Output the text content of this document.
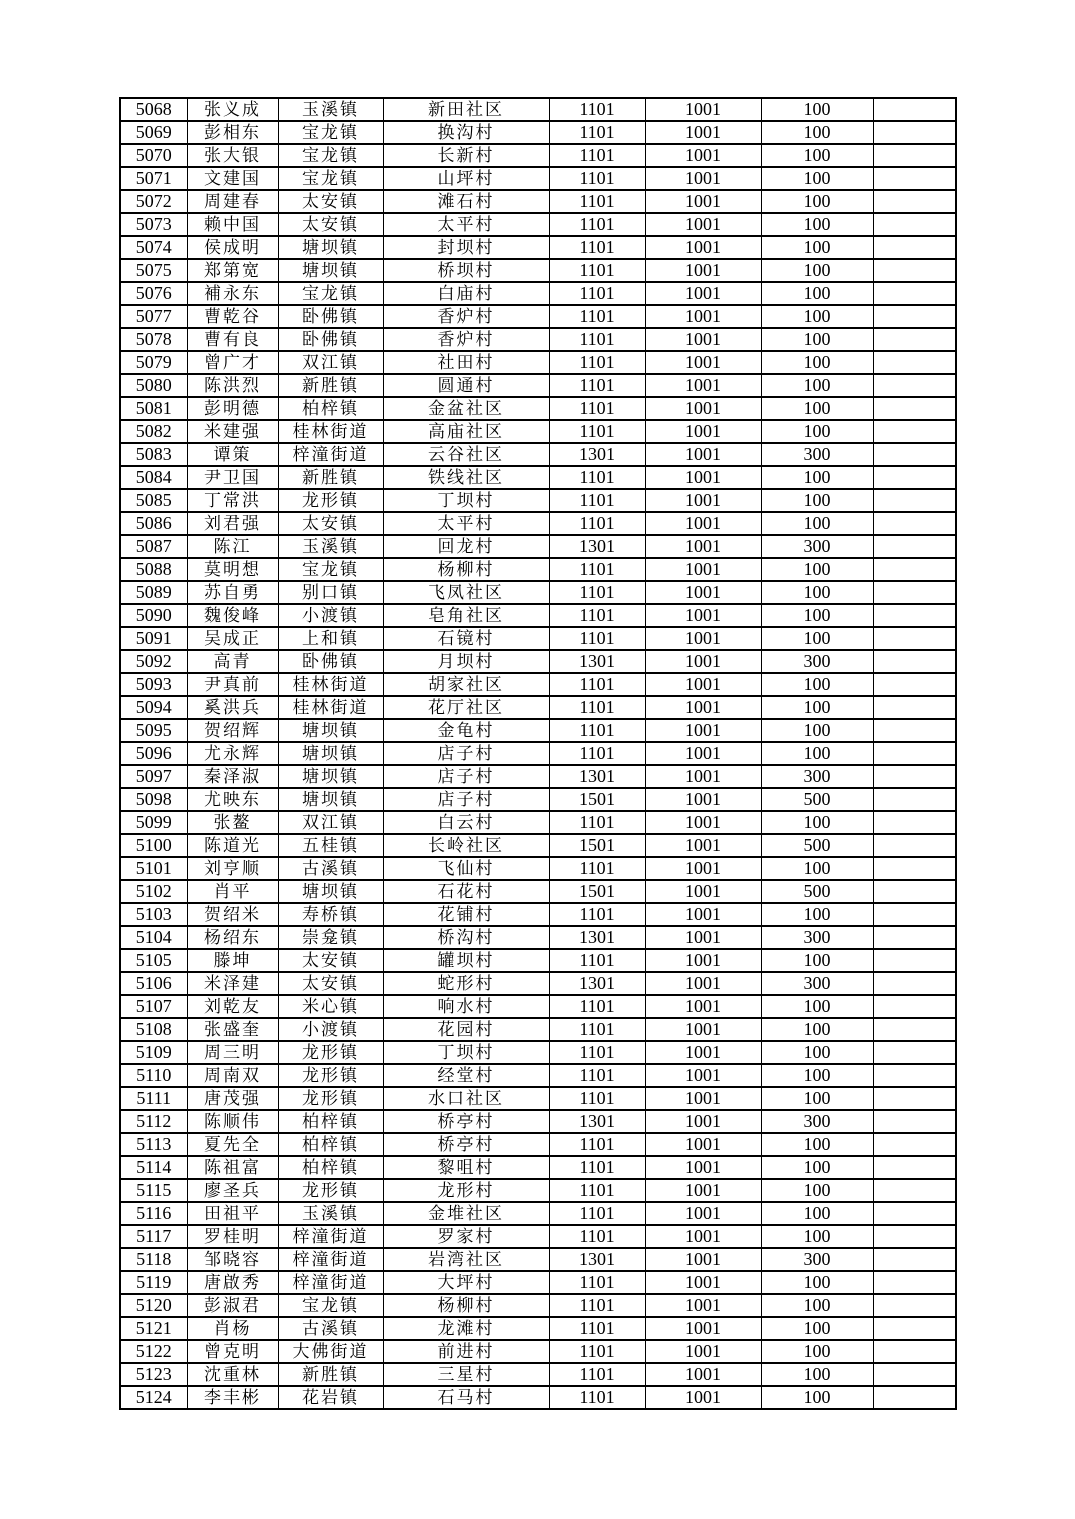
5068	张义成	玉溪镇	新田社区	1101	1001	100	
5069	彭相东	宝龙镇	换沟村	1101	1001	100	
5070	张大银	宝龙镇	长新村	1101	1001	100	
5071	文建国	宝龙镇	山坪村	1101	1001	100	
5072	周建春	太安镇	滩石村	1101	1001	100	
5073	赖中国	太安镇	太平村	1101	1001	100	
5074	侯成明	塘坝镇	封坝村	1101	1001	100	
5075	郑第宽	塘坝镇	桥坝村	1101	1001	100	
5076	補永东	宝龙镇	白庙村	1101	1001	100	
5077	曹乾谷	卧佛镇	香炉村	1101	1001	100	
5078	曹有良	卧佛镇	香炉村	1101	1001	100	
5079	曾广才	双江镇	社田村	1101	1001	100	
5080	陈洪烈	新胜镇	圆通村	1101	1001	100	
5081	彭明德	柏梓镇	金盆社区	1101	1001	100	
5082	米建强	桂林街道	高庙社区	1101	1001	100	
5083	谭策	梓潼街道	云谷社区	1301	1001	300	
5084	尹卫国	新胜镇	铁线社区	1101	1001	100	
5085	丁常洪	龙形镇	丁坝村	1101	1001	100	
5086	刘君强	太安镇	太平村	1101	1001	100	
5087	陈江	玉溪镇	回龙村	1301	1001	300	
5088	莫明想	宝龙镇	杨柳村	1101	1001	100	
5089	苏自勇	别口镇	飞凤社区	1101	1001	100	
5090	魏俊峰	小渡镇	皂角社区	1101	1001	100	
5091	吴成正	上和镇	石镜村	1101	1001	100	
5092	高青	卧佛镇	月坝村	1301	1001	300	
5093	尹真前	桂林街道	胡家社区	1101	1001	100	
5094	奚洪兵	桂林街道	花厅社区	1101	1001	100	
5095	贺绍辉	塘坝镇	金龟村	1101	1001	100	
5096	尤永辉	塘坝镇	店子村	1101	1001	100	
5097	秦泽淑	塘坝镇	店子村	1301	1001	300	
5098	尤映东	塘坝镇	店子村	1501	1001	500	
5099	张鳌	双江镇	白云村	1101	1001	100	
5100	陈道光	五桂镇	长岭社区	1501	1001	500	
5101	刘亨顺	古溪镇	飞仙村	1101	1001	100	
5102	肖平	塘坝镇	石花村	1501	1001	500	
5103	贺绍米	寿桥镇	花铺村	1101	1001	100	
5104	杨绍东	崇龛镇	桥沟村	1301	1001	300	
5105	滕坤	太安镇	罐坝村	1101	1001	100	
5106	米泽建	太安镇	蛇形村	1301	1001	300	
5107	刘乾友	米心镇	响水村	1101	1001	100	
5108	张盛奎	小渡镇	花园村	1101	1001	100	
5109	周三明	龙形镇	丁坝村	1101	1001	100	
5110	周南双	龙形镇	经堂村	1101	1001	100	
5111	唐茂强	龙形镇	水口社区	1101	1001	100	
5112	陈顺伟	柏梓镇	桥亭村	1301	1001	300	
5113	夏先全	柏梓镇	桥亭村	1101	1001	100	
5114	陈祖富	柏梓镇	黎咀村	1101	1001	100	
5115	廖圣兵	龙形镇	龙形村	1101	1001	100	
5116	田祖平	玉溪镇	金堆社区	1101	1001	100	
5117	罗桂明	梓潼街道	罗家村	1101	1001	100	
5118	邹晓容	梓潼街道	岩湾社区	1301	1001	300	
5119	唐啟秀	梓潼街道	大坪村	1101	1001	100	
5120	彭淑君	宝龙镇	杨柳村	1101	1001	100	
5121	肖杨	古溪镇	龙滩村	1101	1001	100	
5122	曾克明	大佛街道	前进村	1101	1001	100	
5123	沈重林	新胜镇	三星村	1101	1001	100	
5124	李丰彬	花岩镇	石马村	1101	1001	100	
